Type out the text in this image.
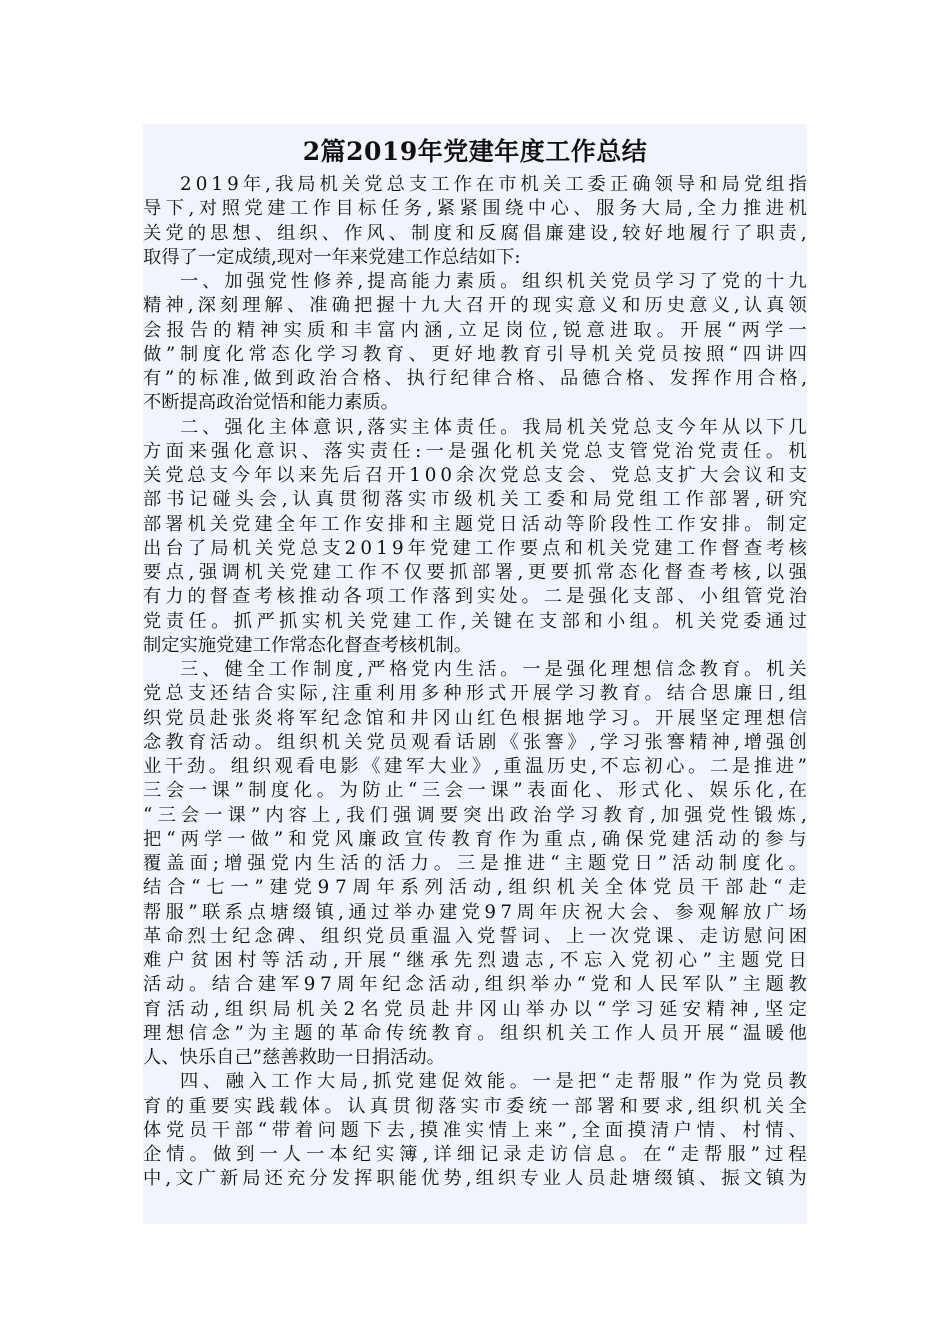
2篇2019年党建年度工作总结
2 0 1 9 年 , 我 局 机 关 党 总 支 工 作 在 市 机 关 工 委 正 确 领 导 和 局 党 组 指
导 下 , 对 照 党 建 工 作 目 标 任 务 , 紧 紧 围 绕 中 心 、 服 务 大 局 , 全 力 推 进 机
关 党 的 思 想 、 组 织 、 作 风 、 制 度 和 反 腐 倡 廉 建 设 , 较 好 地 履 行 了 职 责 ,
取得了一定成绩,现对一年来党建工作总结如下:
一 、 加 强 党 性 修 养 , 提 高 能 力 素 质 。 组 织 机 关 党 员 学 习 了 党 的 十 九
精 神 , 深 刻 理 解 、 准 确 把 握 十 九 大 召 开 的 现 实 意 义 和 历 史 意 义 , 认 真 领
会 报 告 的 精 神 实 质 和 丰 富 内 涵 , 立 足 岗 位 , 锐 意 进 取 。 开 展 “ 两 学 一
做 ” 制 度 化 常 态 化 学 习 教 育 、 更 好 地 教 育 引 导 机 关 党 员 按 照 “ 四 讲 四
有 ” 的 标 准 , 做 到 政 治 合 格 、 执 行 纪 律 合 格 、 品 德 合 格 、 发 挥 作 用 合 格 ,
不断提高政治觉悟和能力素质。
二 、 强 化 主 体 意 识 , 落 实 主 体 责 任 。 我 局 机 关 党 总 支 今 年 从 以 下 几
方 面 来 强 化 意 识 、 落 实 责 任 : 一 是 强 化 机 关 党 总 支 管 党 治 党 责 任 。 机
关 党 总 支 今 年 以 来 先 后 召 开 1 0 0 余 次 党 总 支 会 、 党 总 支 扩 大 会 议 和 支
部 书 记 碰 头 会 , 认 真 贯 彻 落 实 市 级 机 关 工 委 和 局 党 组 工 作 部 署 , 研 究
部 署 机 关 党 建 全 年 工 作 安 排 和 主 题 党 日 活 动 等 阶 段 性 工 作 安 排 。 制 定
出 台 了 局 机 关 党 总 支 2 0 1 9 年 党 建 工 作 要 点 和 机 关 党 建 工 作 督 查 考 核
要 点 , 强 调 机 关 党 建 工 作 不 仅 要 抓 部 署 , 更 要 抓 常 态 化 督 查 考 核 , 以 强
有 力 的 督 查 考 核 推 动 各 项 工 作 落 到 实 处 。 二 是 强 化 支 部 、 小 组 管 党 治
党 责 任 。 抓 严 抓 实 机 关 党 建 工 作 , 关 键 在 支 部 和 小 组 。 机 关 党 委 通 过
制定实施党建工作常态化督查考核机制。
三 、 健 全 工 作 制 度 , 严 格 党 内 生 活 。 一 是 强 化 理 想 信 念 教 育 。 机 关
党 总 支 还 结 合 实 际 , 注 重 利 用 多 种 形 式 开 展 学 习 教 育 。 结 合 思 廉 日 , 组
织 党 员 赴 张 炎 将 军 纪 念 馆 和 井 冈 山 红 色 根 据 地 学 习 。 开 展 坚 定 理 想 信
念 教 育 活 动 。 组 织 机 关 党 员 观 看 话 剧 《 张 謇 》 , 学 习 张 謇 精 神 , 增 强 创
业 干 劲 。 组 织 观 看 电 影 《 建 军 大 业 》 , 重 温 历 史 , 不 忘 初 心 。 二 是 推 进 ”
三 会 一 课 ” 制 度 化 。 为 防 止 “ 三 会 一 课 ” 表 面 化 、 形 式 化 、 娱 乐 化 , 在
“ 三 会 一 课 ” 内 容 上 , 我 们 强 调 要 突 出 政 治 学 习 教 育 , 加 强 党 性 锻 炼 ,
把 “ 两 学 一 做 ” 和 党 风 廉 政 宣 传 教 育 作 为 重 点 , 确 保 党 建 活 动 的 参 与
覆 盖 面 ; 增 强 党 内 生 活 的 活 力 。 三 是 推 进 “ 主 题 党 日 ” 活 动 制 度 化 。
结 合 “ 七 一 ” 建 党 9 7 周 年 系 列 活 动 , 组 织 机 关 全 体 党 员 干 部 赴 “ 走
帮 服 ” 联 系 点 塘 缀 镇 , 通 过 举 办 建 党 9 7 周 年 庆 祝 大 会 、 参 观 解 放 广 场
革 命 烈 士 纪 念 碑 、 组 织 党 员 重 温 入 党 誓 词 、 上 一 次 党 课 、 走 访 慰 问 困
难 户 贫 困 村 等 活 动 , 开 展 “ 继 承 先 烈 遗 志 , 不 忘 入 党 初 心 ” 主 题 党 日
活 动 。 结 合 建 军 9 7 周 年 纪 念 活 动 , 组 织 举 办 “ 党 和 人 民 军 队 ” 主 题 教
育 活 动 , 组 织 局 机 关 2 名 党 员 赴 井 冈 山 举 办 以 “ 学 习 延 安 精 神 , 坚 定
理 想 信 念 ” 为 主 题 的 革 命 传 统 教 育 。 组 织 机 关 工 作 人 员 开 展 “ 温 暖 他
人、快乐自己”慈善救助一日捐活动。
四 、 融 入 工 作 大 局 , 抓 党 建 促 效 能 。 一 是 把 “ 走 帮 服 ” 作 为 党 员 教
育 的 重 要 实 践 载 体 。 认 真 贯 彻 落 实 市 委 统 一 部 署 和 要 求 , 组 织 机 关 全
体 党 员 干 部 “ 带 着 问 题 下 去 , 摸 准 实 情 上 来 ” , 全 面 摸 清 户 情 、 村 情 、
企 情 。 做 到 一 人 一 本 纪 实 簿 , 详 细 记 录 走 访 信 息 。 在 “ 走 帮 服 ” 过 程
中 , 文 广 新 局 还 充 分 发 挥 职 能 优 势 , 组 织 专 业 人 员 赴 塘 缀 镇 、 振 文 镇 为
